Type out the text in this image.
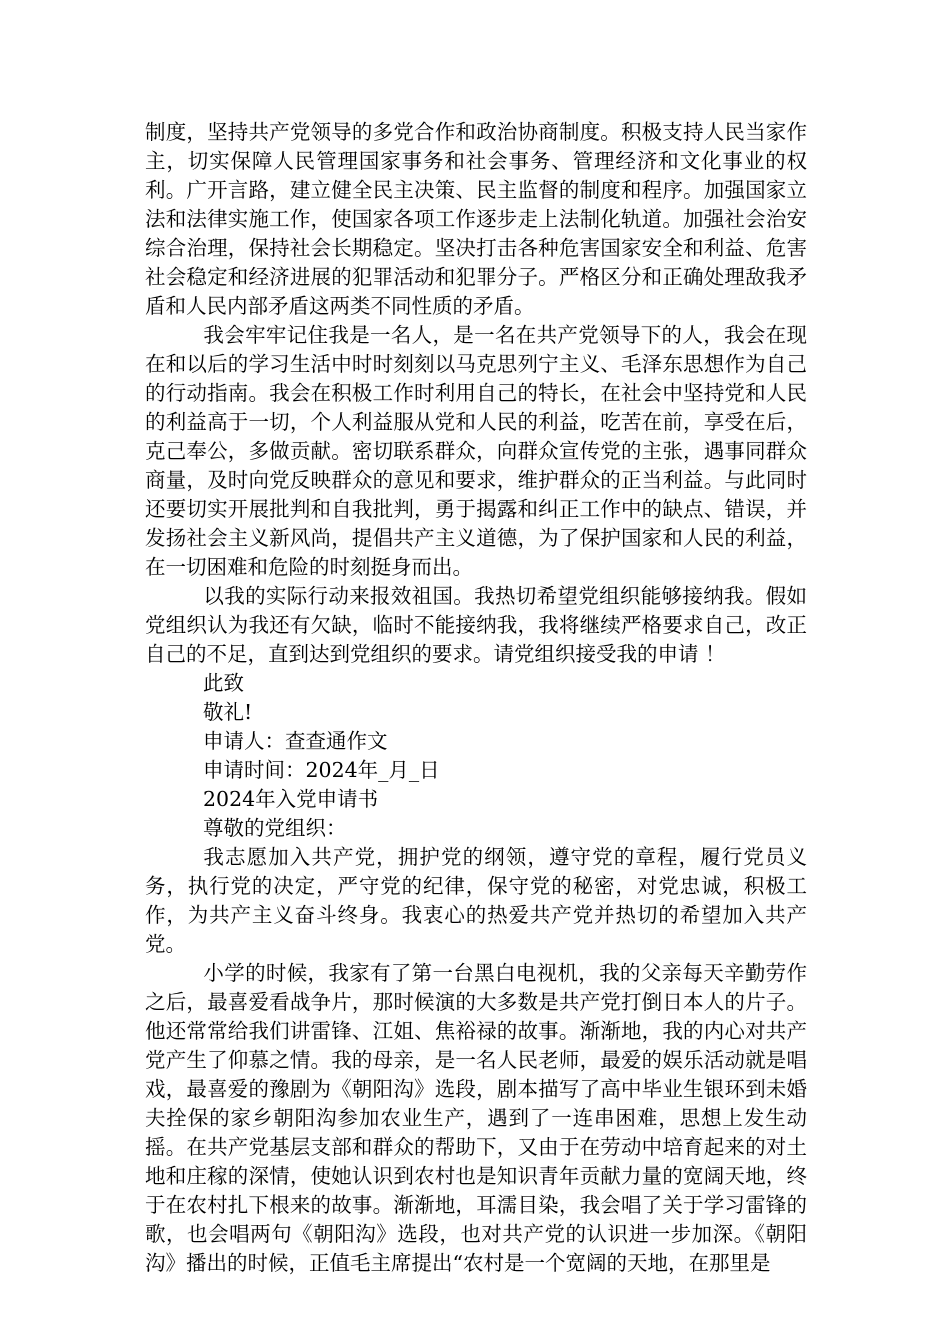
制度，坚持共产党领导的多党合作和政治协商制度。积极支持人民当家作主，切实保障人民管理国家事务和社会事务、管理经济和文化事业的权利。广开言路，建立健全民主决策、民主监督的制度和程序。加强国家立法和法律实施工作，使国家各项工作逐步走上法制化轨道。加强社会治安综合治理，保持社会长期稳定。坚决打击各种危害国家安全和利益、危害社会稳定和经济进展的犯罪活动和犯罪分子。严格区分和正确处理敌我矛盾和人民内部矛盾这两类不同性质的矛盾。

我会牢牢记住我是一名人，是一名在共产党领导下的人，我会在现在和以后的学习生活中时时刻刻以马克思列宁主义、毛泽东思想作为自己的行动指南。我会在积极工作时利用自己的特长，在社会中坚持党和人民的利益高于一切，个人利益服从党和人民的利益，吃苦在前，享受在后，克己奉公，多做贡献。密切联系群众，向群众宣传党的主张，遇事同群众商量，及时向党反映群众的意见和要求，维护群众的正当利益。与此同时还要切实开展批判和自我批判，勇于揭露和纠正工作中的缺点、错误，并发扬社会主义新风尚，提倡共产主义道德，为了保护国家和人民的利益，在一切困难和危险的时刻挺身而出。

以我的实际行动来报效祖国。我热切希望党组织能够接纳我。假如党组织认为我还有欠缺，临时不能接纳我，我将继续严格要求自己，改正自己的不足，直到达到党组织的要求。请党组织接受我的申请 ！

此致

敬礼!

申请人：查查通作文

申请时间：2024年_月_日

2024年入党申请书

尊敬的党组织：

我志愿加入共产党，拥护党的纲领，遵守党的章程，履行党员义务，执行党的决定，严守党的纪律，保守党的秘密，对党忠诚，积极工作，为共产主义奋斗终身。我衷心的热爱共产党并热切的希望加入共产党。

小学的时候，我家有了第一台黑白电视机，我的父亲每天辛勤劳作之后，最喜爱看战争片，那时候演的大多数是共产党打倒日本人的片子。他还常常给我们讲雷锋、江姐、焦裕禄的故事。渐渐地，我的内心对共产党产生了仰慕之情。我的母亲，是一名人民老师，最爱的娱乐活动就是唱戏，最喜爱的豫剧为《朝阳沟》选段，剧本描写了高中毕业生银环到未婚夫拴保的家乡朝阳沟参加农业生产，遇到了一连串困难，思想上发生动摇。在共产党基层支部和群众的帮助下，又由于在劳动中培育起来的对土地和庄稼的深情，使她认识到农村也是知识青年贡献力量的宽阔天地，终于在农村扎下根来的故事。渐渐地，耳濡目染，我会唱了关于学习雷锋的歌，也会唱两句《朝阳沟》选段，也对共产党的认识进一步加深。《朝阳沟》播出的时候，正值毛主席提出“农村是一个宽阔的天地，在那里是
